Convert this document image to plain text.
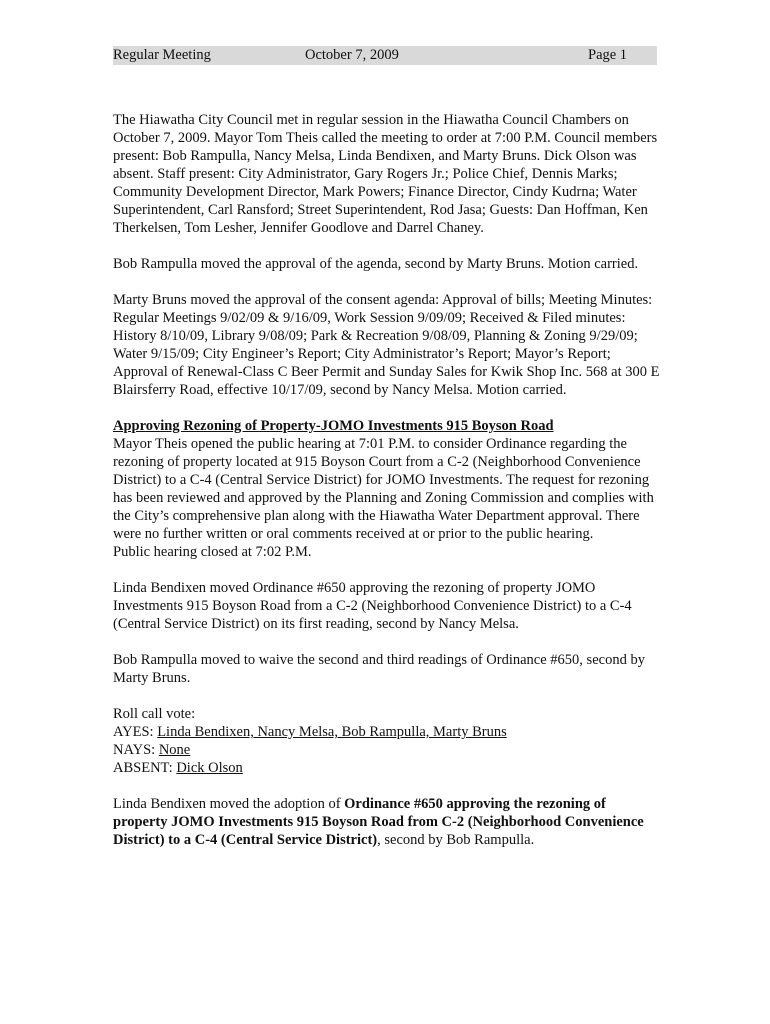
Regular Meeting	October 7, 2009	Page 1

The Hiawatha City Council met in regular session in the Hiawatha Council Chambers on October 7, 2009. Mayor Tom Theis called the meeting to order at 7:00 P.M. Council members present: Bob Rampulla, Nancy Melsa, Linda Bendixen, and Marty Bruns. Dick Olson was absent. Staff present: City Administrator, Gary Rogers Jr.; Police Chief, Dennis Marks; Community Development Director, Mark Powers; Finance Director, Cindy Kudrna; Water Superintendent, Carl Ransford; Street Superintendent, Rod Jasa; Guests: Dan Hoffman, Ken Therkelsen, Tom Lesher, Jennifer Goodlove and Darrel Chaney.

Bob Rampulla moved the approval of the agenda, second by Marty Bruns. Motion carried.

Marty Bruns moved the approval of the consent agenda: Approval of bills; Meeting Minutes: Regular Meetings 9/02/09 & 9/16/09, Work Session 9/09/09; Received & Filed minutes: History 8/10/09, Library 9/08/09; Park & Recreation 9/08/09, Planning & Zoning 9/29/09; Water 9/15/09; City Engineer’s Report; City Administrator’s Report; Mayor’s Report; Approval of Renewal-Class C Beer Permit and Sunday Sales for Kwik Shop Inc. 568 at 300 E Blairsferry Road, effective 10/17/09, second by Nancy Melsa. Motion carried.

Approving Rezoning of Property-JOMO Investments 915 Boyson Road

Mayor Theis opened the public hearing at 7:01 P.M. to consider Ordinance regarding the rezoning of property located at 915 Boyson Court from a C-2 (Neighborhood Convenience District) to a C-4 (Central Service District) for JOMO Investments. The request for rezoning has been reviewed and approved by the Planning and Zoning Commission and complies with the City’s comprehensive plan along with the Hiawatha Water Department approval. There were no further written or oral comments received at or prior to the public hearing.

Public hearing closed at 7:02 P.M.

Linda Bendixen moved Ordinance #650 approving the rezoning of property JOMO Investments 915 Boyson Road from a C-2 (Neighborhood Convenience District) to a C-4 (Central Service District) on its first reading, second by Nancy Melsa.

Bob Rampulla moved to waive the second and third readings of Ordinance #650, second by Marty Bruns.

Roll call vote:

AYES: Linda Bendixen, Nancy Melsa, Bob Rampulla, Marty Bruns

NAYS: None

ABSENT: Dick Olson

Linda Bendixen moved the adoption of Ordinance #650 approving the rezoning of property JOMO Investments 915 Boyson Road from C-2 (Neighborhood Convenience District) to a C-4 (Central Service District), second by Bob Rampulla.
